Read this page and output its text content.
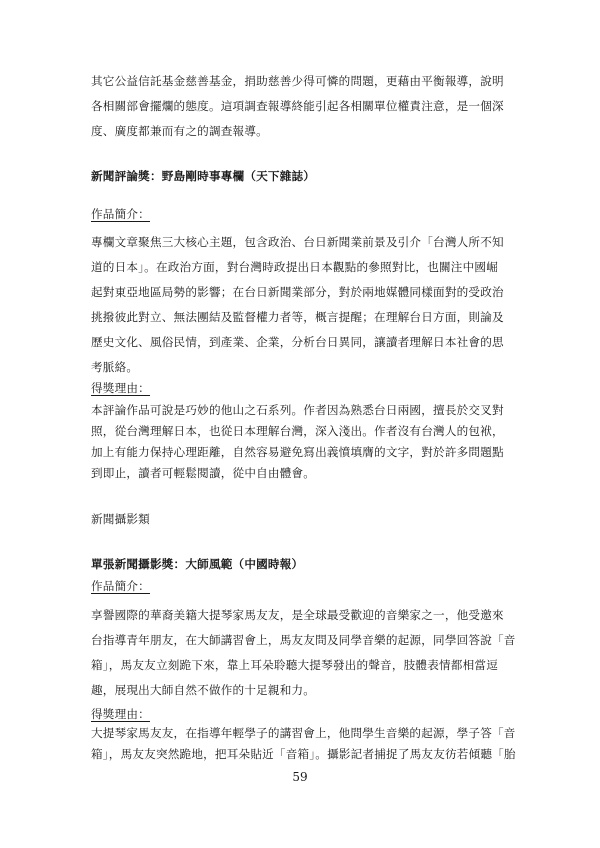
其它公益信託基金慈善基金，捐助慈善少得可憐的問題，更藉由平衡報導，說明
各相關部會擺爛的態度。這項調查報導終能引起各相關單位權責注意，是一個深
度、廣度都兼而有之的調查報導。
新聞評論獎：野島剛時事專欄（天下雜誌）
作品簡介：
專欄文章聚焦三大核心主題，包含政治、台日新聞業前景及引介「台灣人所不知
道的日本」。在政治方面，對台灣時政提出日本觀點的參照對比，也關注中國崛
起對東亞地區局勢的影響；在台日新聞業部分，對於兩地媒體同樣面對的受政治
挑撥彼此對立、無法團結及監督權力者等，概言提醒；在理解台日方面，則論及
歷史文化、風俗民情，到產業、企業，分析台日異同，讓讀者理解日本社會的思
考脈絡。
得獎理由：
本評論作品可說是巧妙的他山之石系列。作者因為熟悉台日兩國，擅長於交叉對
照，從台灣理解日本，也從日本理解台灣，深入淺出。作者沒有台灣人的包袱，
加上有能力保持心理距離，自然容易避免寫出義憤填膺的文字，對於許多問題點
到即止，讀者可輕鬆閱讀，從中自由體會。
新聞攝影類
單張新聞攝影獎：大師風範（中國時報）
作品簡介：
享譽國際的華裔美籍大提琴家馬友友，是全球最受歡迎的音樂家之一，他受邀來
台指導青年朋友，在大師講習會上，馬友友問及同學音樂的起源，同學回答說「音
箱」，馬友友立刻跪下來，靠上耳朵聆聽大提琴發出的聲音，肢體表情都相當逗
趣，展現出大師自然不做作的十足親和力。
得獎理由：
大提琴家馬友友，在指導年輕學子的講習會上，他問學生音樂的起源，學子答「音
箱」，馬友友突然跪地，把耳朵貼近「音箱」。攝影記者捕捉了馬友友彷若傾聽「胎
59
